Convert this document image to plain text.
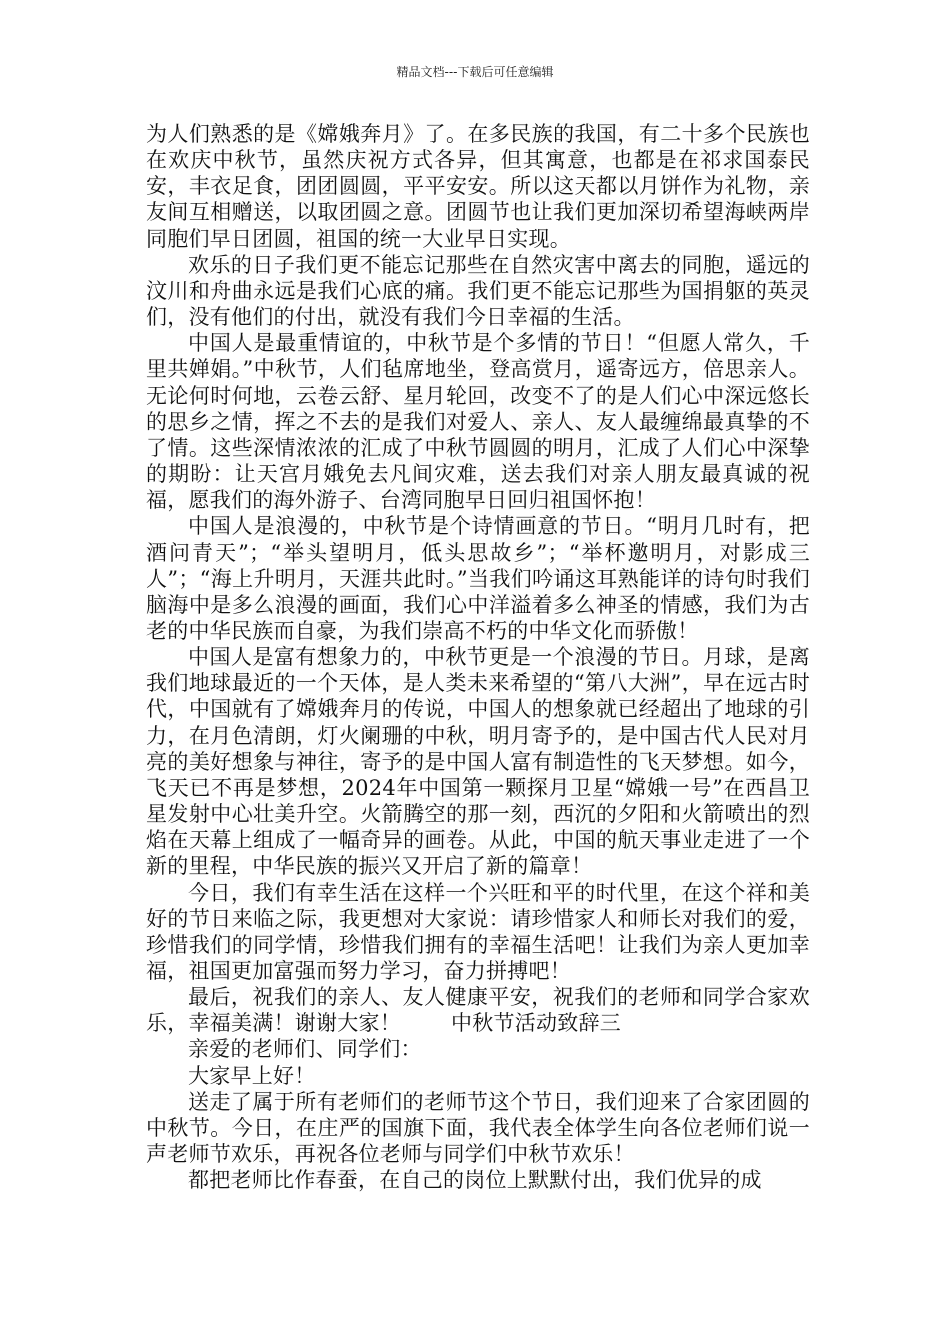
精品文档---下载后可任意编辑

为人们熟悉的是《嫦娥奔月》了。在多民族的我国，有二十多个民族也在欢庆中秋节，虽然庆祝方式各异，但其寓意，也都是在祁求国泰民安，丰衣足食，团团圆圆，平平安安。所以这天都以月饼作为礼物，亲友间互相赠送，以取团圆之意。团圆节也让我们更加深切希望海峡两岸同胞们早日团圆，祖国的统一大业早日实现。

欢乐的日子我们更不能忘记那些在自然灾害中离去的同胞，遥远的汶川和舟曲永远是我们心底的痛。我们更不能忘记那些为国捐躯的英灵们，没有他们的付出，就没有我们今日幸福的生活。

中国人是最重情谊的，中秋节是个多情的节日！“但愿人常久，千里共婵娟。”中秋节，人们毡席地坐，登高赏月，遥寄远方，倍思亲人。无论何时何地，云卷云舒、星月轮回，改变不了的是人们心中深远悠长的思乡之情，挥之不去的是我们对爱人、亲人、友人最缠绵最真挚的不了情。这些深情浓浓的汇成了中秋节圆圆的明月，汇成了人们心中深挚的期盼：让天宫月娥免去凡间灾难，送去我们对亲人朋友最真诚的祝福，愿我们的海外游子、台湾同胞早日回归祖国怀抱！

中国人是浪漫的，中秋节是个诗情画意的节日。“明月几时有，把酒问青天”；“举头望明月，低头思故乡”；“举杯邀明月，对影成三人”；“海上升明月，天涯共此时。”当我们吟诵这耳熟能详的诗句时我们脑海中是多么浪漫的画面，我们心中洋溢着多么神圣的情感，我们为古老的中华民族而自豪，为我们崇高不朽的中华文化而骄傲！

中国人是富有想象力的，中秋节更是一个浪漫的节日。月球，是离我们地球最近的一个天体，是人类未来希望的“第八大洲”，早在远古时代，中国就有了嫦娥奔月的传说，中国人的想象就已经超出了地球的引力，在月色清朗，灯火阑珊的中秋，明月寄予的，是中国古代人民对月亮的美好想象与神往，寄予的是中国人富有制造性的飞天梦想。如今，飞天已不再是梦想，2024年中国第一颗探月卫星“嫦娥一号”在西昌卫星发射中心壮美升空。火箭腾空的那一刻，西沉的夕阳和火箭喷出的烈焰在天幕上组成了一幅奇异的画卷。从此，中国的航天事业走进了一个新的里程，中华民族的振兴又开启了新的篇章！

今日，我们有幸生活在这样一个兴旺和平的时代里，在这个祥和美好的节日来临之际，我更想对大家说：请珍惜家人和师长对我们的爱，珍惜我们的同学情，珍惜我们拥有的幸福生活吧！让我们为亲人更加幸福，祖国更加富强而努力学习，奋力拼搏吧！

最后，祝我们的亲人、友人健康平安，祝我们的老师和同学合家欢乐，幸福美满！谢谢大家！ 中秋节活动致辞三

亲爱的老师们、同学们：

大家早上好！

送走了属于所有老师们的老师节这个节日，我们迎来了合家团圆的中秋节。今日，在庄严的国旗下面，我代表全体学生向各位老师们说一声老师节欢乐，再祝各位老师与同学们中秋节欢乐！

都把老师比作春蚕，在自己的岗位上默默付出，我们优异的成
